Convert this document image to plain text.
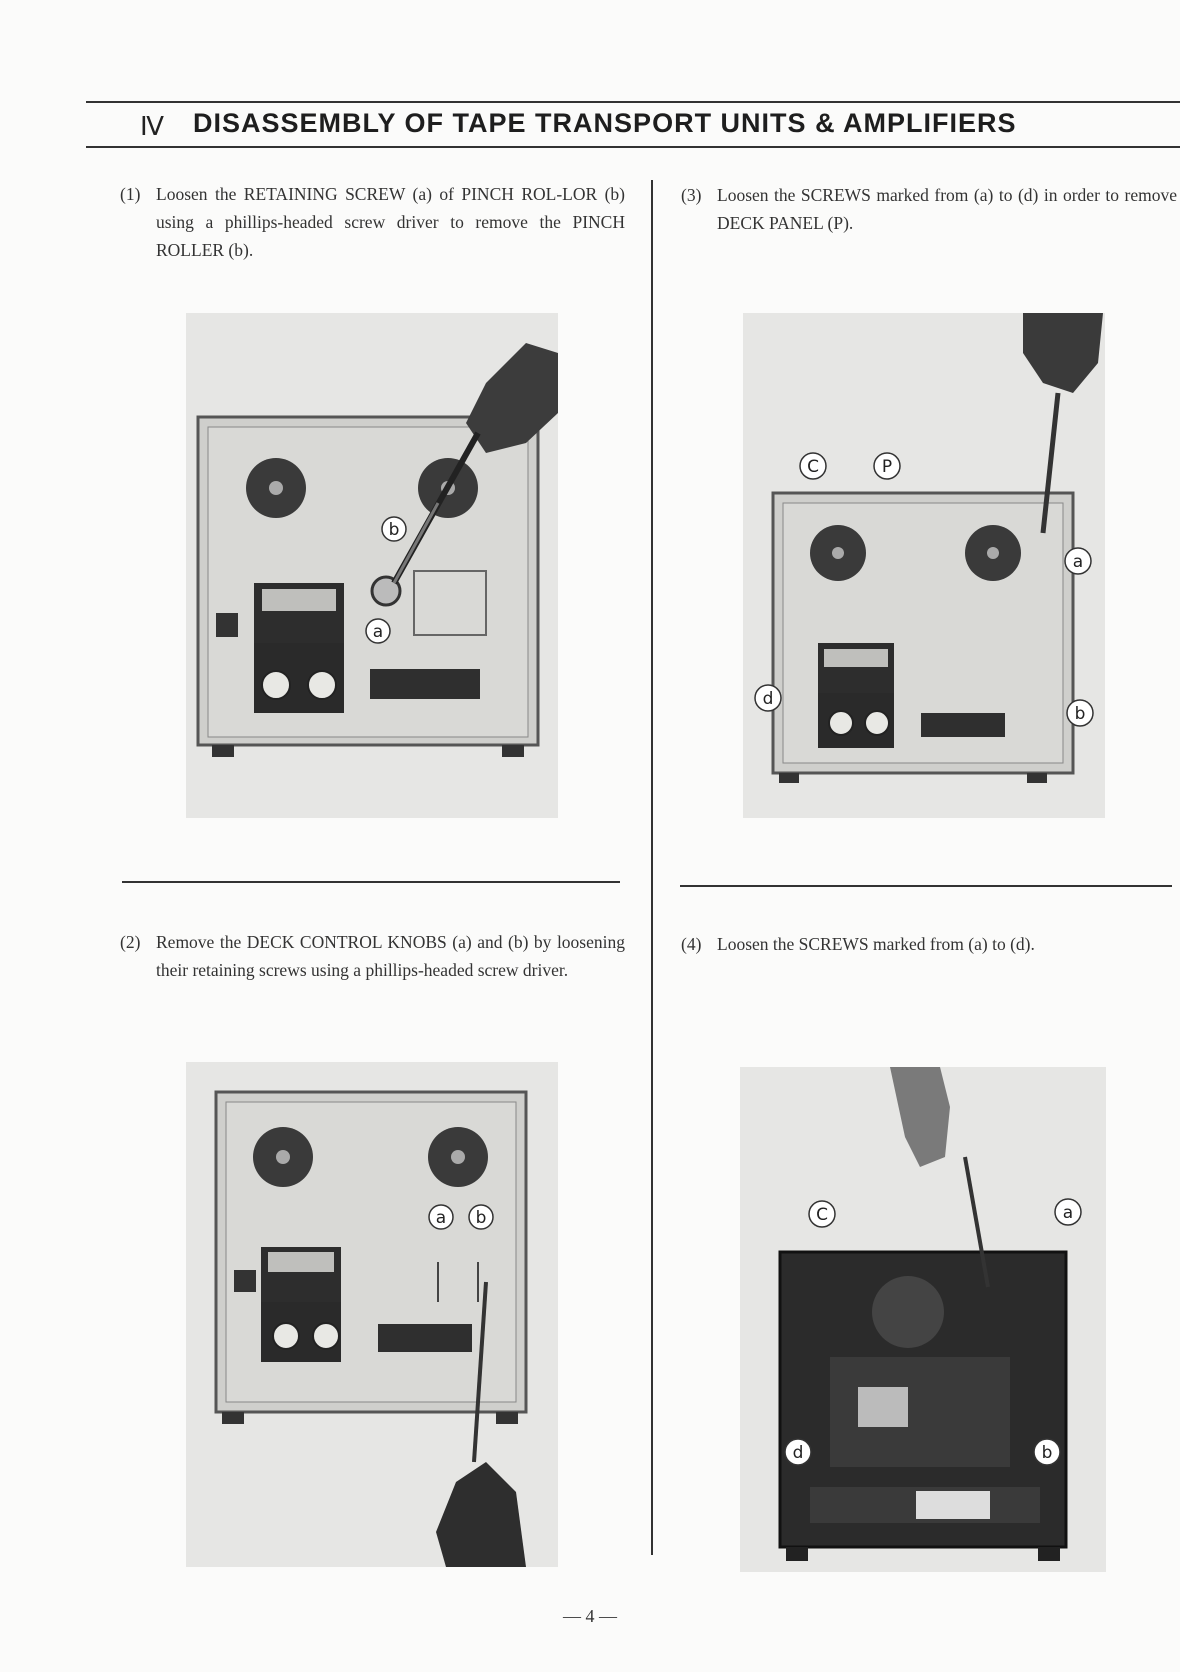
Ⅳ DISASSEMBLY OF TAPE TRANSPORT UNITS & AMPLIFIERS
(1) Loosen the RETAINING SCREW (a) of PINCH ROL-LOR (b) using a phillips-headed screw driver to remove the PINCH ROLLER (b).
(2) Remove the DECK CONTROL KNOBS (a) and (b) by loosening their retaining screws using a phillips-headed screw driver.
(3) Loosen the SCREWS marked from (a) to (d) in order to remove DECK PANEL (P).
(4) Loosen the SCREWS marked from (a) to (d).
b
a
a b
C	P
a
d
b
C	a
d	b
— 4 —
